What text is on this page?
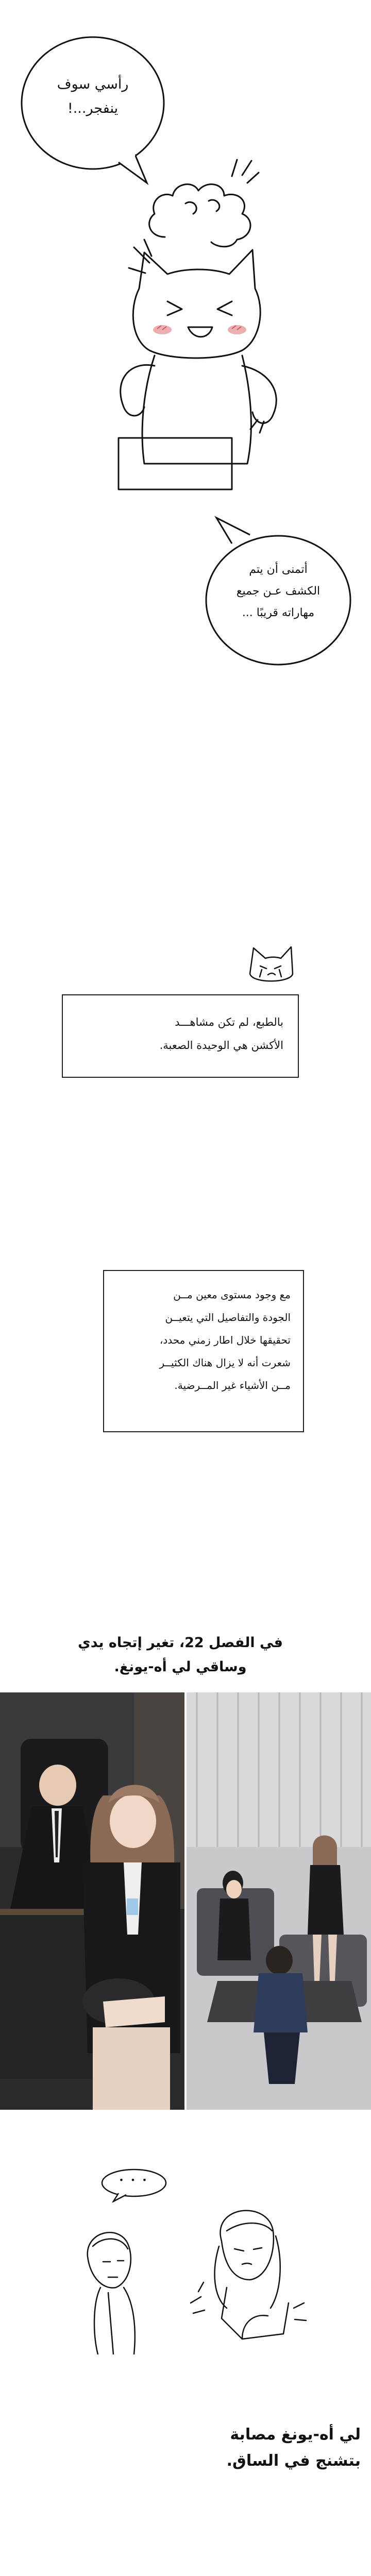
رأسي سوف
ينفجر...!
أتمنى أن يتم
الكشف عـن جميع
مهاراته قريبًا ...
بالطبع، لم تكن مشاهـــد
الأكشن هي الوحيدة الصعبة.
مع وجود مستوى معين مــن
الجودة والتفاصيل التي يتعيــن
تحقيقها خلال اطار زمني محدد،
شعرت أنه لا يزال هناك الكثيــر
مــن الأشياء غير المــرضية.
في الفصل 22، تغير إتجاه يدي
وساقي لي أه-يونغ.
• • •
لي أه-يونغ مصابة
بتشنج في الساق.
